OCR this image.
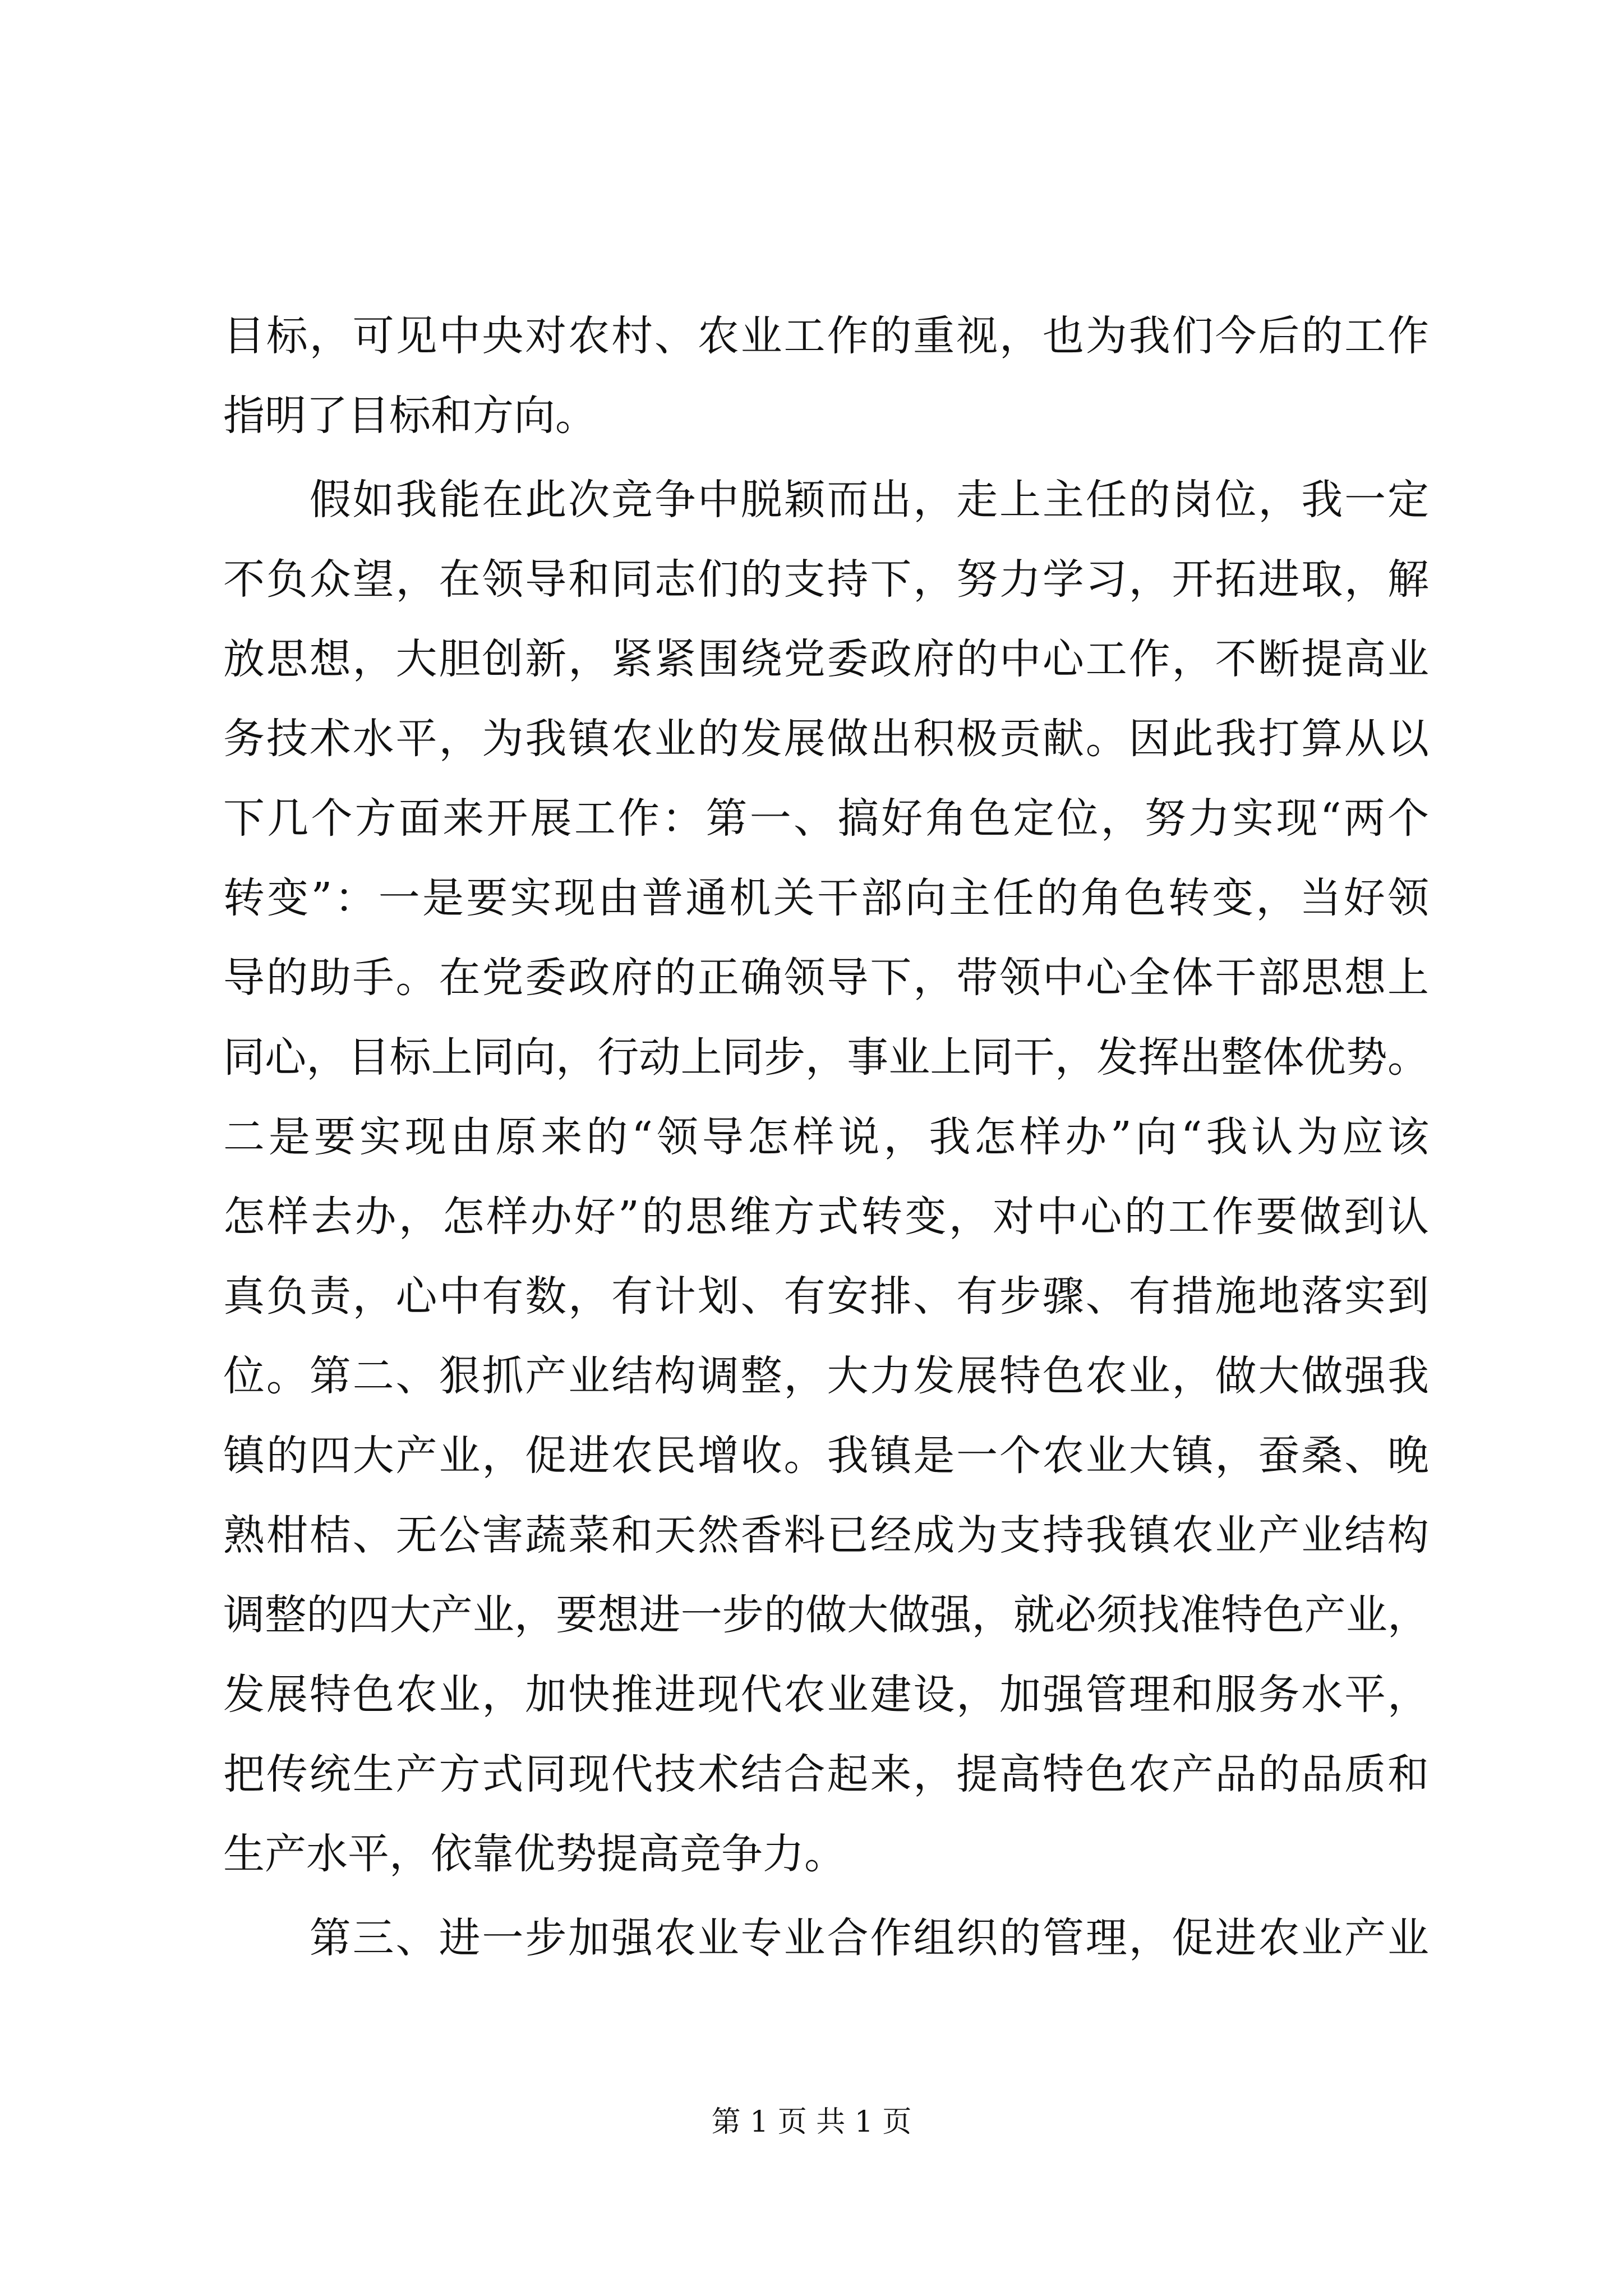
目标，可见中央对农村、农业工作的重视，也为我们今后的工作
指明了目标和方向。
　　假如我能在此次竞争中脱颖而出，走上主任的岗位，我一定
不负众望，在领导和同志们的支持下，努力学习，开拓进取，解
放思想，大胆创新，紧紧围绕党委政府的中心工作，不断提高业
务技术水平，为我镇农业的发展做出积极贡献。因此我打算从以
下几个方面来开展工作：第一、搞好角色定位，努力实现“两个
转变”：一是要实现由普通机关干部向主任的角色转变，当好领
导的助手。在党委政府的正确领导下，带领中心全体干部思想上
同心，目标上同向，行动上同步，事业上同干，发挥出整体优势。
二是要实现由原来的“领导怎样说，我怎样办”向“我认为应该
怎样去办，怎样办好”的思维方式转变，对中心的工作要做到认
真负责，心中有数，有计划、有安排、有步骤、有措施地落实到
位。第二、狠抓产业结构调整，大力发展特色农业，做大做强我
镇的四大产业，促进农民增收。我镇是一个农业大镇，蚕桑、晚
熟柑桔、无公害蔬菜和天然香料已经成为支持我镇农业产业结构
调整的四大产业，要想进一步的做大做强，就必须找准特色产业，
发展特色农业，加快推进现代农业建设，加强管理和服务水平，
把传统生产方式同现代技术结合起来，提高特色农产品的品质和
生产水平，依靠优势提高竞争力。
　　第三、进一步加强农业专业合作组织的管理，促进农业产业
第 1 页 共 1 页
